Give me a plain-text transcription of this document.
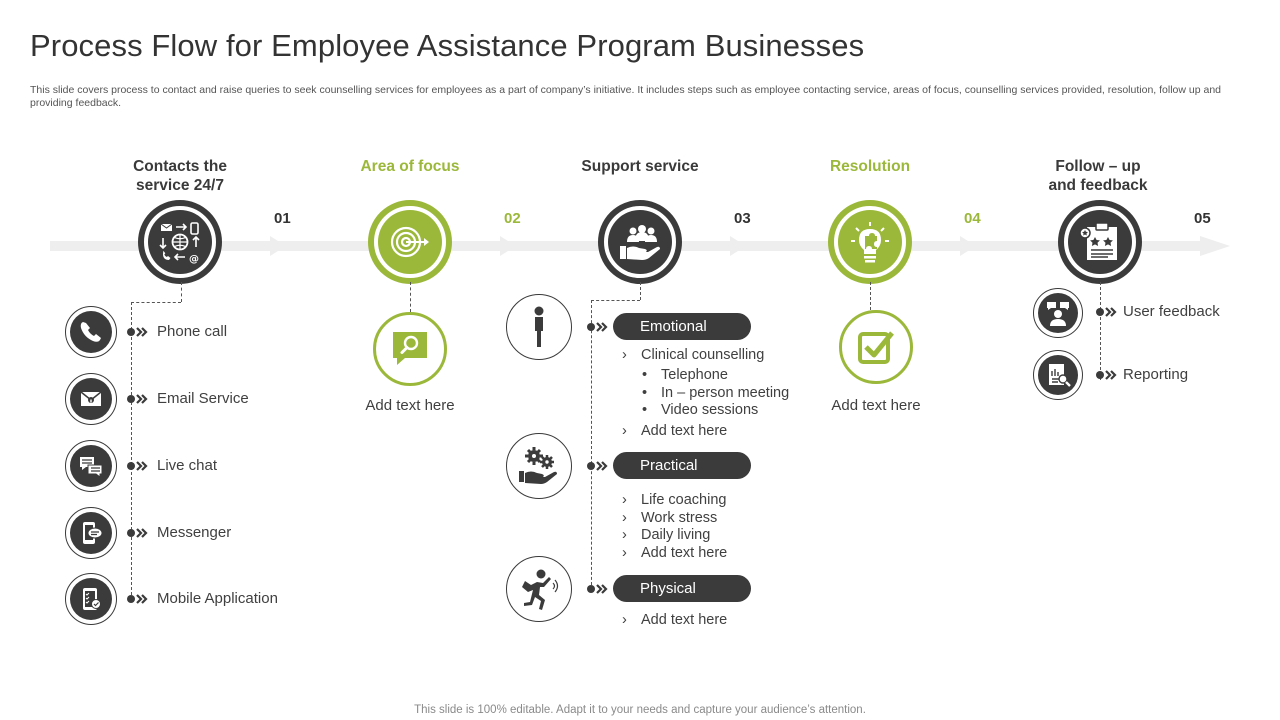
Process Flow for Employee Assistance Program Businesses
This slide covers process to contact and raise queries to seek counselling services for employees as a part of company’s initiative. It includes steps such as employee contacting service, areas of focus, counselling services provided, resolution, follow up and providing feedback.
Contacts the
service 24/7
Area of focus	Support service	Resolution	Follow – up
and feedback
01	02	03	04	05
@
Phone call
Email Service
Live chat
Messenger
Mobile Application
Add text here
Emotional
Practical
Physical
› Clinical counselling
• Telephone
• In – person meeting
• Video sessions
› Add text here
› Life coaching
› Work stress
› Daily living
› Add text here
› Add text here
Add text here
User feedback
Reporting
This slide is 100% editable. Adapt it to your needs and capture your audience’s attention.
